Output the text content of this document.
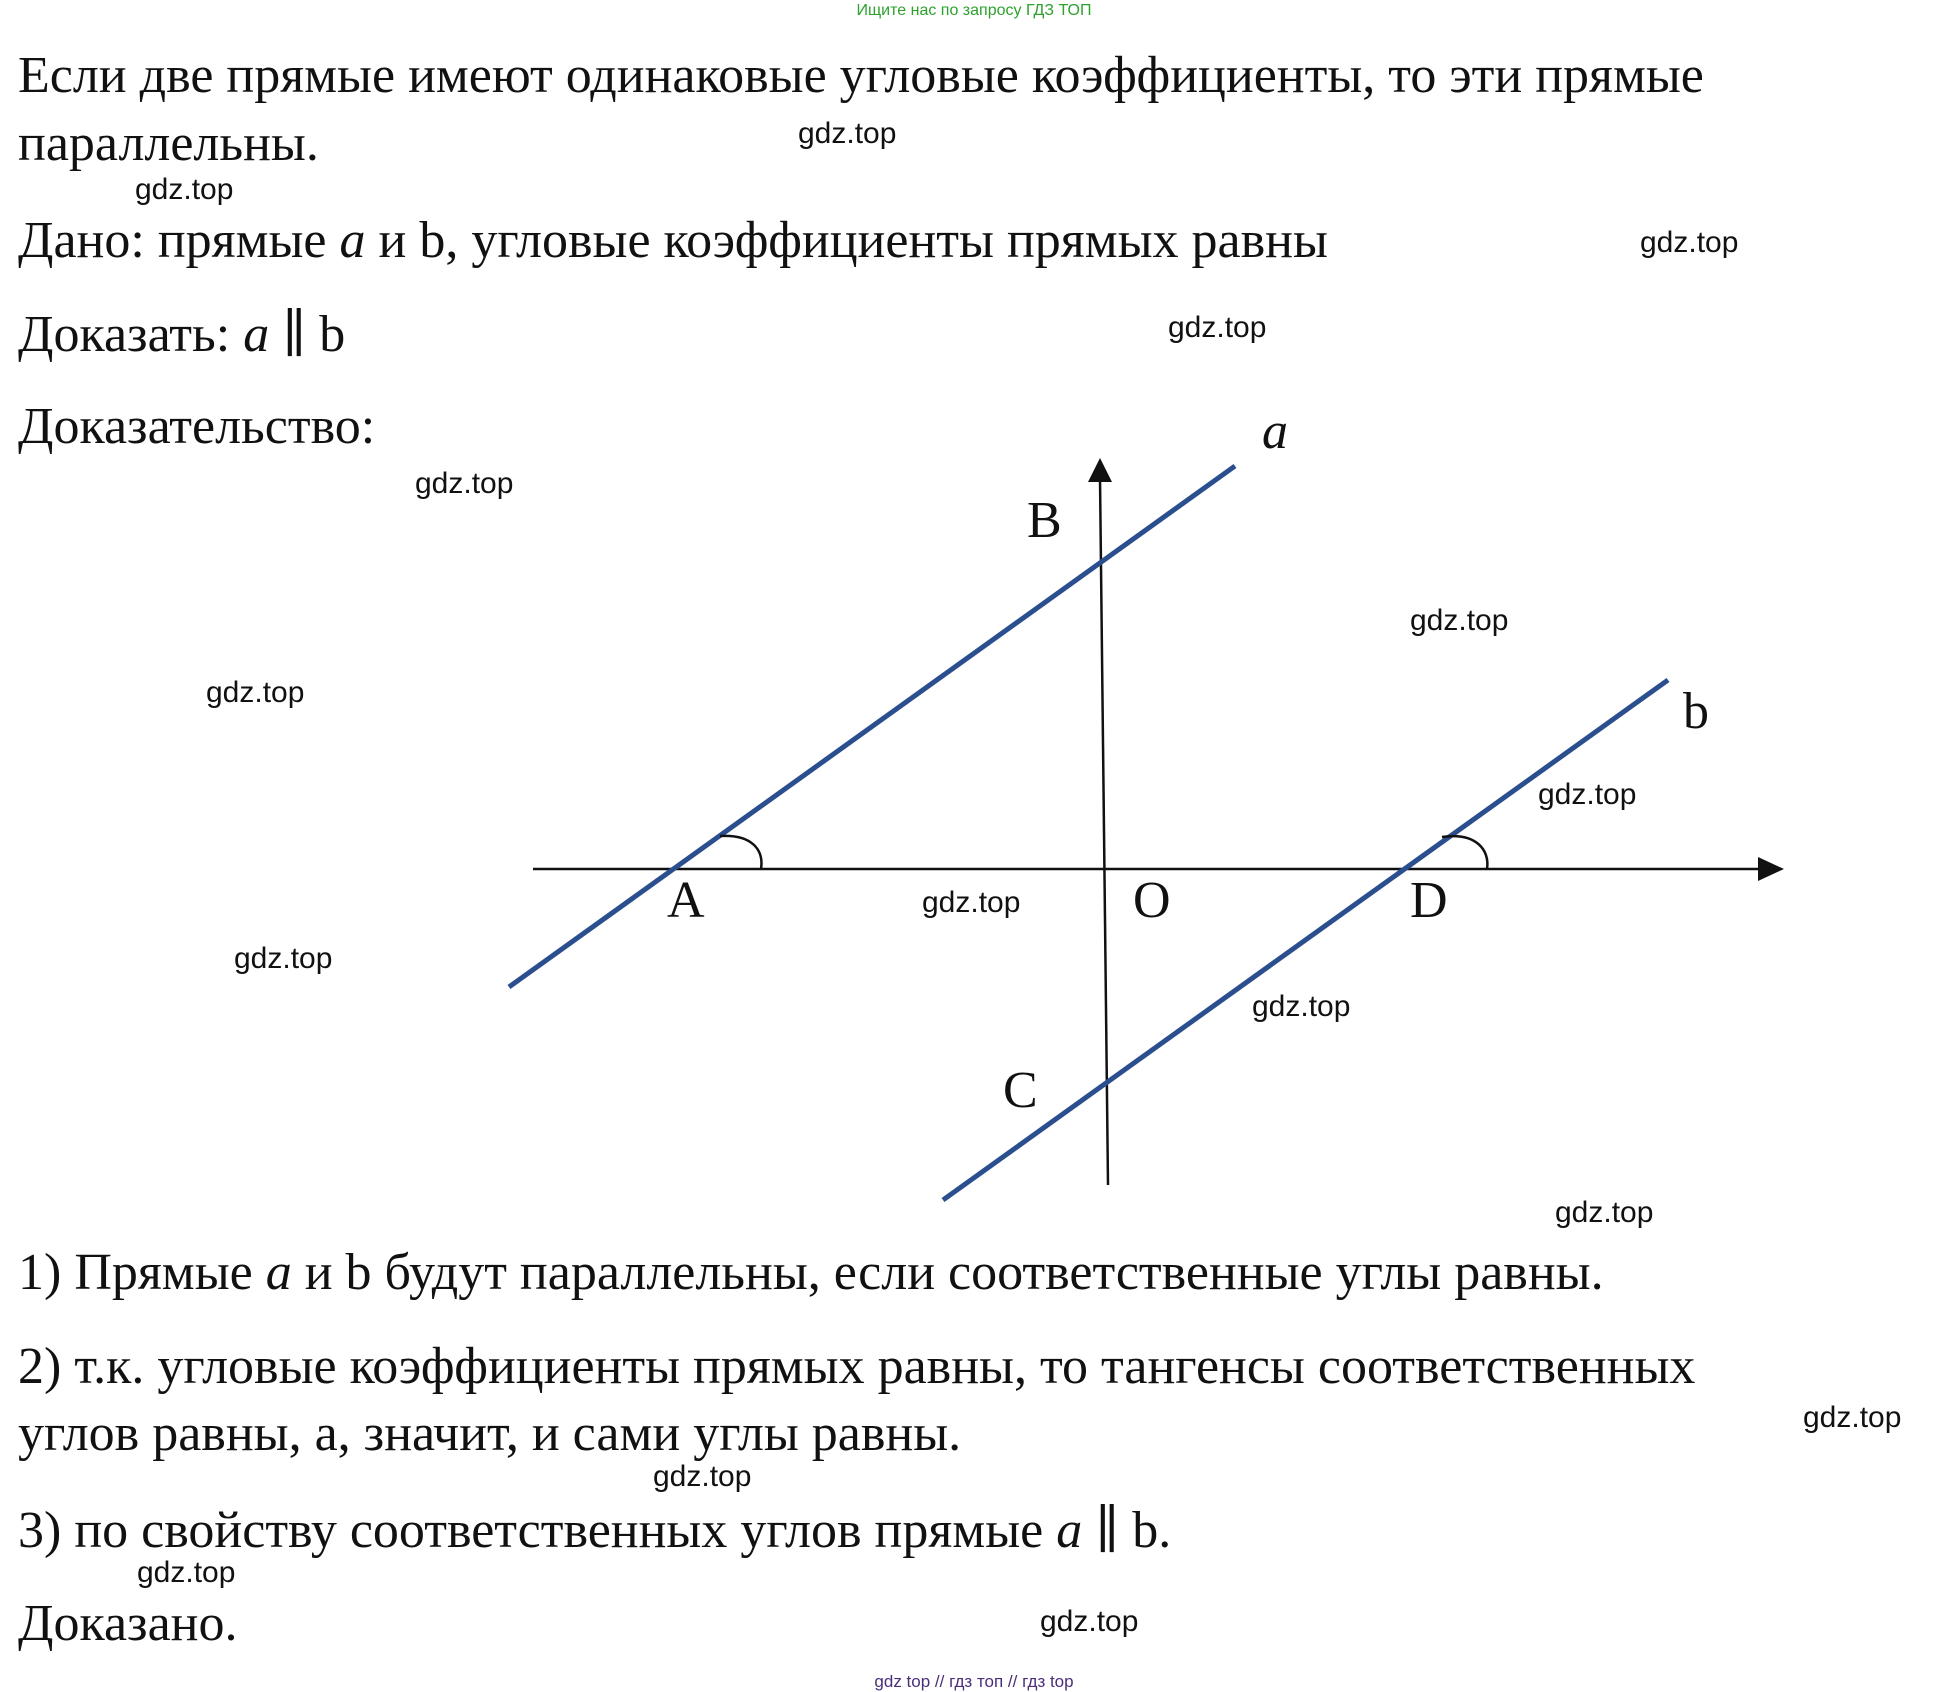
Ищите нас по запросу ГДЗ ТОП
Если две прямые имеют одинаковые угловые коэффициенты, то эти прямые
параллельны.
Дано: прямые a и b, угловые коэффициенты прямых равны
Доказать: a ∥ b
Доказательство:	a
b
A
B
C
D
O
1) Прямые a и b будут параллельны, если соответственные углы равны.
2) т.к. угловые коэффициенты прямых равны, то тангенсы соответственных
углов равны, а, значит, и сами углы равны.
3) по свойству соответственных углов прямые a ∥ b.
Доказано.
gdz.top
gdz.top
gdz.top
gdz.top
gdz.top
gdz.top
gdz.top
gdz.top
gdz.top
gdz.top
gdz.top
gdz.top
gdz.top
gdz.top
gdz.top
gdz.top
gdz top // гдз топ // гдз top
